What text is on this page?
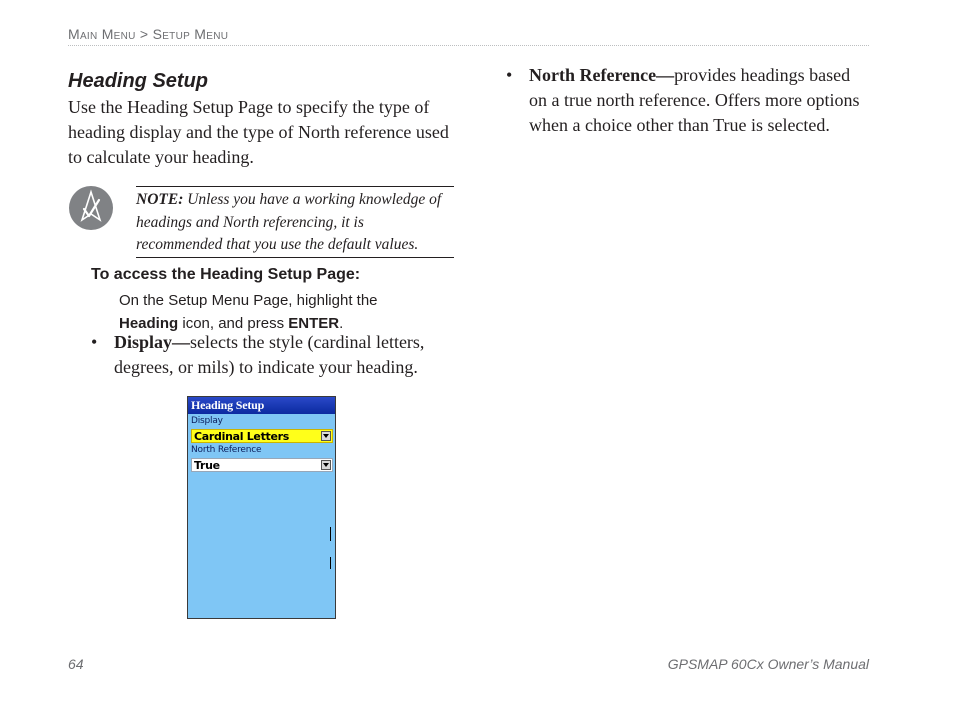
Main Menu > Setup Menu
Heading Setup
Use the Heading Setup Page to specify the type of heading display and the type of North reference used to calculate your heading.
NOTE: Unless you have a working knowledge of headings and North referencing, it is recommended that you use the default values.
To access the Heading Setup Page:
On the Setup Menu Page, highlight the
Heading icon, and press ENTER.
• Display—selects the style (cardinal letters, degrees, or mils) to indicate your heading.
• North Reference—provides headings based on a true north reference. Offers more options when a choice other than True is selected.
Heading Setup
Display
Cardinal Letters
North Reference
True
64	GPSMAP 60Cx Owner’s Manual
